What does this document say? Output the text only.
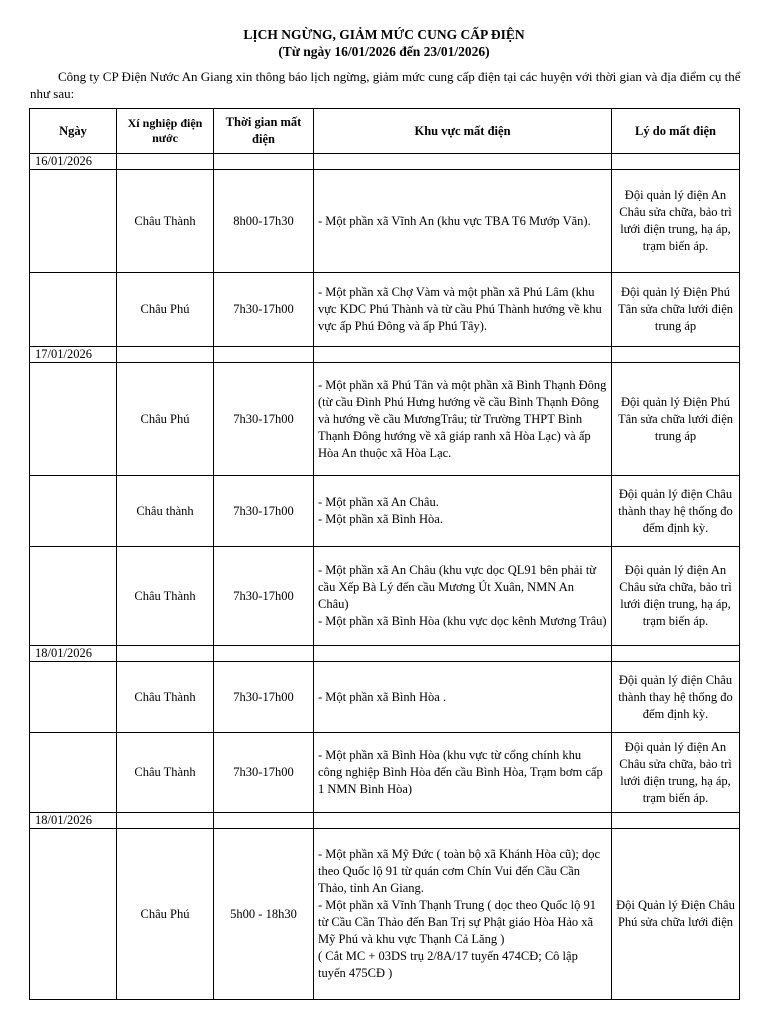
LỊCH NGỪNG, GIẢM MỨC CUNG CẤP ĐIỆN
(Từ ngày 16/01/2026 đến 23/01/2026)
Công ty CP Điện Nước An Giang xin thông báo lịch ngừng, giảm mức cung cấp điện tại các huyện với thời gian và địa điểm cụ thể như sau:
Ngày	Xí nghiệp điện nước	Thời gian mất điện	Khu vực mất điện	Lý do mất điện
16/01/2026				
	Châu Thành	8h00-17h30	- Một phần xã Vĩnh An (khu vực TBA T6 Mướp Văn).	Đội quản lý điện An Châu sửa chữa, bảo trì lưới điện trung, hạ áp, trạm biến áp.
	Châu Phú	7h30-17h00	- Một phần xã Chợ Vàm và một phần xã Phú Lâm (khu vực KDC Phú Thành và từ cầu Phú Thành hướng về khu vực ấp Phú Đông và ấp Phú Tây).	Đội quản lý Điện Phú Tân sửa chữa lưới điện trung áp
17/01/2026				
	Châu Phú	7h30-17h00	- Một phần xã Phú Tân và một phần xã Bình Thạnh Đông (từ cầu Đình Phú Hưng hướng về cầu Bình Thạnh Đông và hướng về cầu MươngTrâu; từ Trường THPT Bình Thạnh Đông hướng về xã giáp ranh xã Hòa Lạc) và ấp Hòa An thuộc xã Hòa Lạc.	Đội quản lý Điện Phú Tân sửa chữa lưới điện trung áp
	Châu thành	7h30-17h00	- Một phần xã An Châu.
- Một phần xã Bình Hòa.	Đội quản lý điện Châu thành thay hệ thống đo đếm định kỳ.
	Châu Thành	7h30-17h00	- Một phần xã An Châu (khu vực dọc QL91 bên phải từ cầu Xếp Bà Lý đến cầu Mương Út Xuân, NMN An Châu)
- Một phần xã Bình Hòa (khu vực dọc kênh Mương Trâu)	Đội quản lý điện An Châu sửa chữa, bảo trì lưới điện trung, hạ áp, trạm biến áp.
18/01/2026				
	Châu Thành	7h30-17h00	- Một phần xã Bình Hòa .	Đội quản lý điện Châu thành thay hệ thống đo đếm định kỳ.
	Châu Thành	7h30-17h00	- Một phần xã Bình Hòa (khu vực từ cổng chính khu công nghiệp Bình Hòa đến cầu Bình Hòa, Trạm bơm cấp 1 NMN Bình Hòa)	Đội quản lý điện An Châu sửa chữa, bảo trì lưới điện trung, hạ áp, trạm biến áp.
18/01/2026				
	Châu Phú	5h00 - 18h30	- Một phần xã Mỹ Đức ( toàn bộ xã Khánh Hòa cũ); dọc theo Quốc lộ 91 từ quán cơm Chín Vui đến Cầu Cần Thảo, tỉnh An Giang.
- Một phần xã Vĩnh Thạnh Trung ( dọc theo Quốc lộ 91 từ Cầu Cần Thảo đến Ban Trị sự Phật giáo Hòa Hảo xã Mỹ Phú và khu vực Thạnh Cả Lăng )
( Cắt MC + 03DS trụ 2/8A/17 tuyến 474CĐ; Cô lập tuyến 475CĐ )	Đội Quản lý Điện Châu Phú sửa chữa lưới điện
